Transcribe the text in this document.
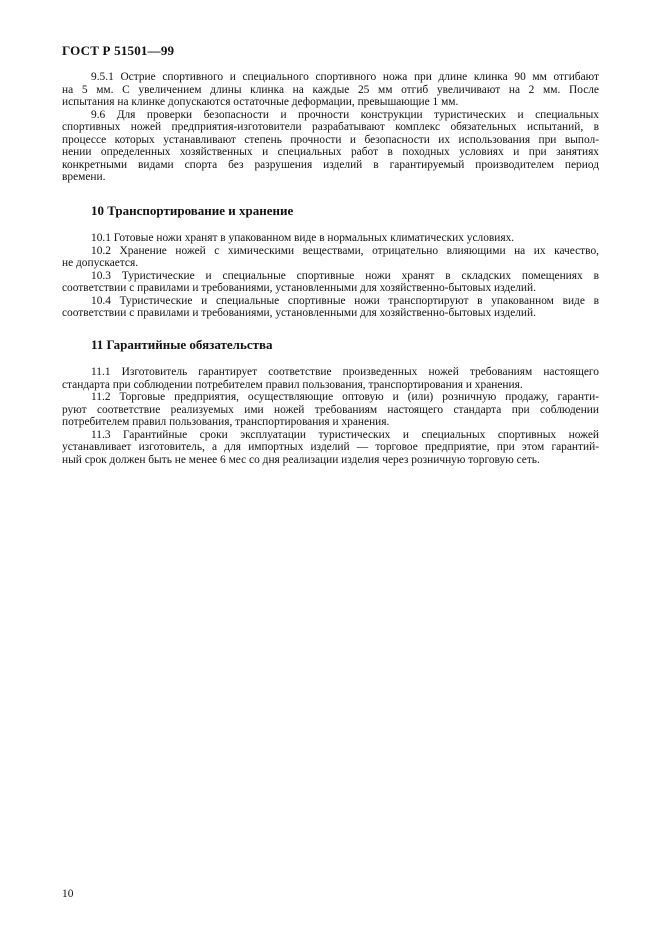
ГОСТ Р 51501—99
9.5.1 Острие спортивного и специального спортивного ножа при длине клинка 90 мм отгибают
на 5 мм. С увеличением длины клинка на каждые 25 мм отгиб увеличивают на 2 мм. После
испытания на клинке допускаются остаточные деформации, превышающие 1 мм.
9.6 Для проверки безопасности и прочности конструкции туристических и специальных
спортивных ножей предприятия-изготовители разрабатывают комплекс обязательных испытаний, в
процессе которых устанавливают степень прочности и безопасности их использования при выпол-
нении определенных хозяйственных и специальных работ в походных условиях и при занятиях
конкретными видами спорта без разрушения изделий в гарантируемый производителем период
времени.
10 Транспортирование и хранение
10.1 Готовые ножи хранят в упакованном виде в нормальных климатических условиях.
10.2 Хранение ножей с химическими веществами, отрицательно влияющими на их качество,
не допускается.
10.3 Туристические и специальные спортивные ножи хранят в складских помещениях в
соответствии с правилами и требованиями, установленными для хозяйственно-бытовых изделий.
10.4 Туристические и специальные спортивные ножи транспортируют в упакованном виде в
соответствии с правилами и требованиями, установленными для хозяйственно-бытовых изделий.
11 Гарантийные обязательства
11.1 Изготовитель гарантирует соответствие произведенных ножей требованиям настоящего
стандарта при соблюдении потребителем правил пользования, транспортирования и хранения.
11.2 Торговые предприятия, осуществляющие оптовую и (или) розничную продажу, гаранти-
руют соответствие реализуемых ими ножей требованиям настоящего стандарта при соблюдении
потребителем правил пользования, транспортирования и хранения.
11.3 Гарантийные сроки эксплуатации туристических и специальных спортивных ножей
устанавливает изготовитель, а для импортных изделий — торговое предприятие, при этом гарантий-
ный срок должен быть не менее 6 мес со дня реализации изделия через розничную торговую сеть.
10
